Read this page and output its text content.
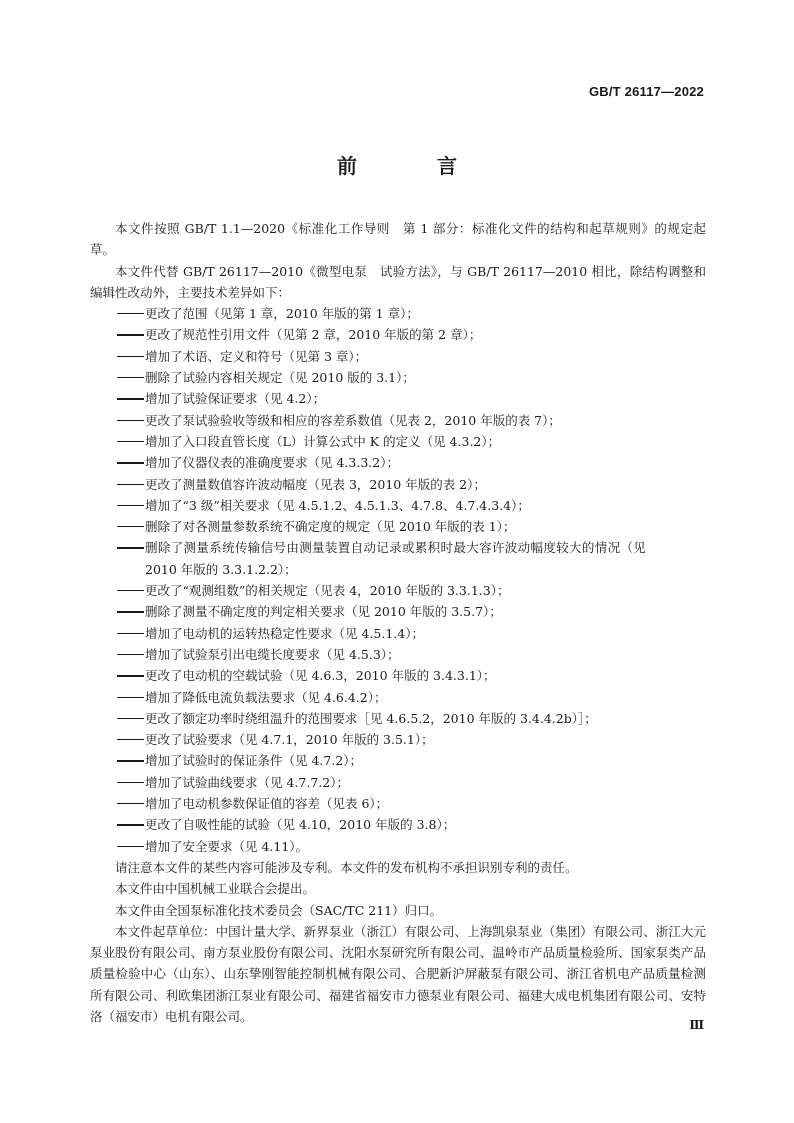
GB/T 26117—2022
前　言

本文件按照 GB/T 1.1—2020《标准化工作导则　第 1 部分：标准化文件的结构和起草规则》的规定起草。

本文件代替 GB/T 26117—2010《微型电泵　试验方法》，与 GB/T 26117—2010 相比，除结构调整和编辑性改动外，主要技术差异如下：

更改了范围（见第 1 章，2010 年版的第 1 章）；
更改了规范性引用文件（见第 2 章，2010 年版的第 2 章）；
增加了术语、定义和符号（见第 3 章）；
删除了试验内容相关规定（见 2010 版的 3.1）；
增加了试验保证要求（见 4.2）；
更改了泵试验验收等级和相应的容差系数值（见表 2，2010 年版的表 7）；
增加了入口段直管长度（L）计算公式中 K 的定义（见 4.3.2）；
增加了仪器仪表的准确度要求（见 4.3.3.2）；
更改了测量数值容许波动幅度（见表 3，2010 年版的表 2）；
增加了“3 级”相关要求（见 4.5.1.2、4.5.1.3、4.7.8、4.7.4.3.4）；
删除了对各测量参数系统不确定度的规定（见 2010 年版的表 1）；
删除了测量系统传输信号由测量装置自动记录或累积时最大容许波动幅度较大的情况（见
2010 年版的 3.3.1.2.2）；
更改了“观测组数”的相关规定（见表 4，2010 年版的 3.3.1.3）；
删除了测量不确定度的判定相关要求（见 2010 年版的 3.5.7）；
增加了电动机的运转热稳定性要求（见 4.5.1.4）；
增加了试验泵引出电缆长度要求（见 4.5.3）；
更改了电动机的空载试验（见 4.6.3，2010 年版的 3.4.3.1）；
增加了降低电流负载法要求（见 4.6.4.2）；
更改了额定功率时绕组温升的范围要求［见 4.6.5.2，2010 年版的 3.4.4.2b）］；
更改了试验要求（见 4.7.1，2010 年版的 3.5.1）；
增加了试验时的保证条件（见 4.7.2）；
增加了试验曲线要求（见 4.7.7.2）；
增加了电动机参数保证值的容差（见表 6）；
更改了自吸性能的试验（见 4.10，2010 年版的 3.8）；
增加了安全要求（见 4.11）。

请注意本文件的某些内容可能涉及专利。本文件的发布机构不承担识别专利的责任。

本文件由中国机械工业联合会提出。

本文件由全国泵标准化技术委员会（SAC/TC 211）归口。

本文件起草单位：中国计量大学、新界泵业（浙江）有限公司、上海凯泉泵业（集团）有限公司、浙江大元泵业股份有限公司、南方泵业股份有限公司、沈阳水泵研究所有限公司、温岭市产品质量检验所、国家泵类产品质量检验中心（山东）、山东挚刚智能控制机械有限公司、合肥新沪屏蔽泵有限公司、浙江省机电产品质量检测所有限公司、利欧集团浙江泵业有限公司、福建省福安市力德泵业有限公司、福建大成电机集团有限公司、安特洛（福安市）电机有限公司。

Ⅲ
